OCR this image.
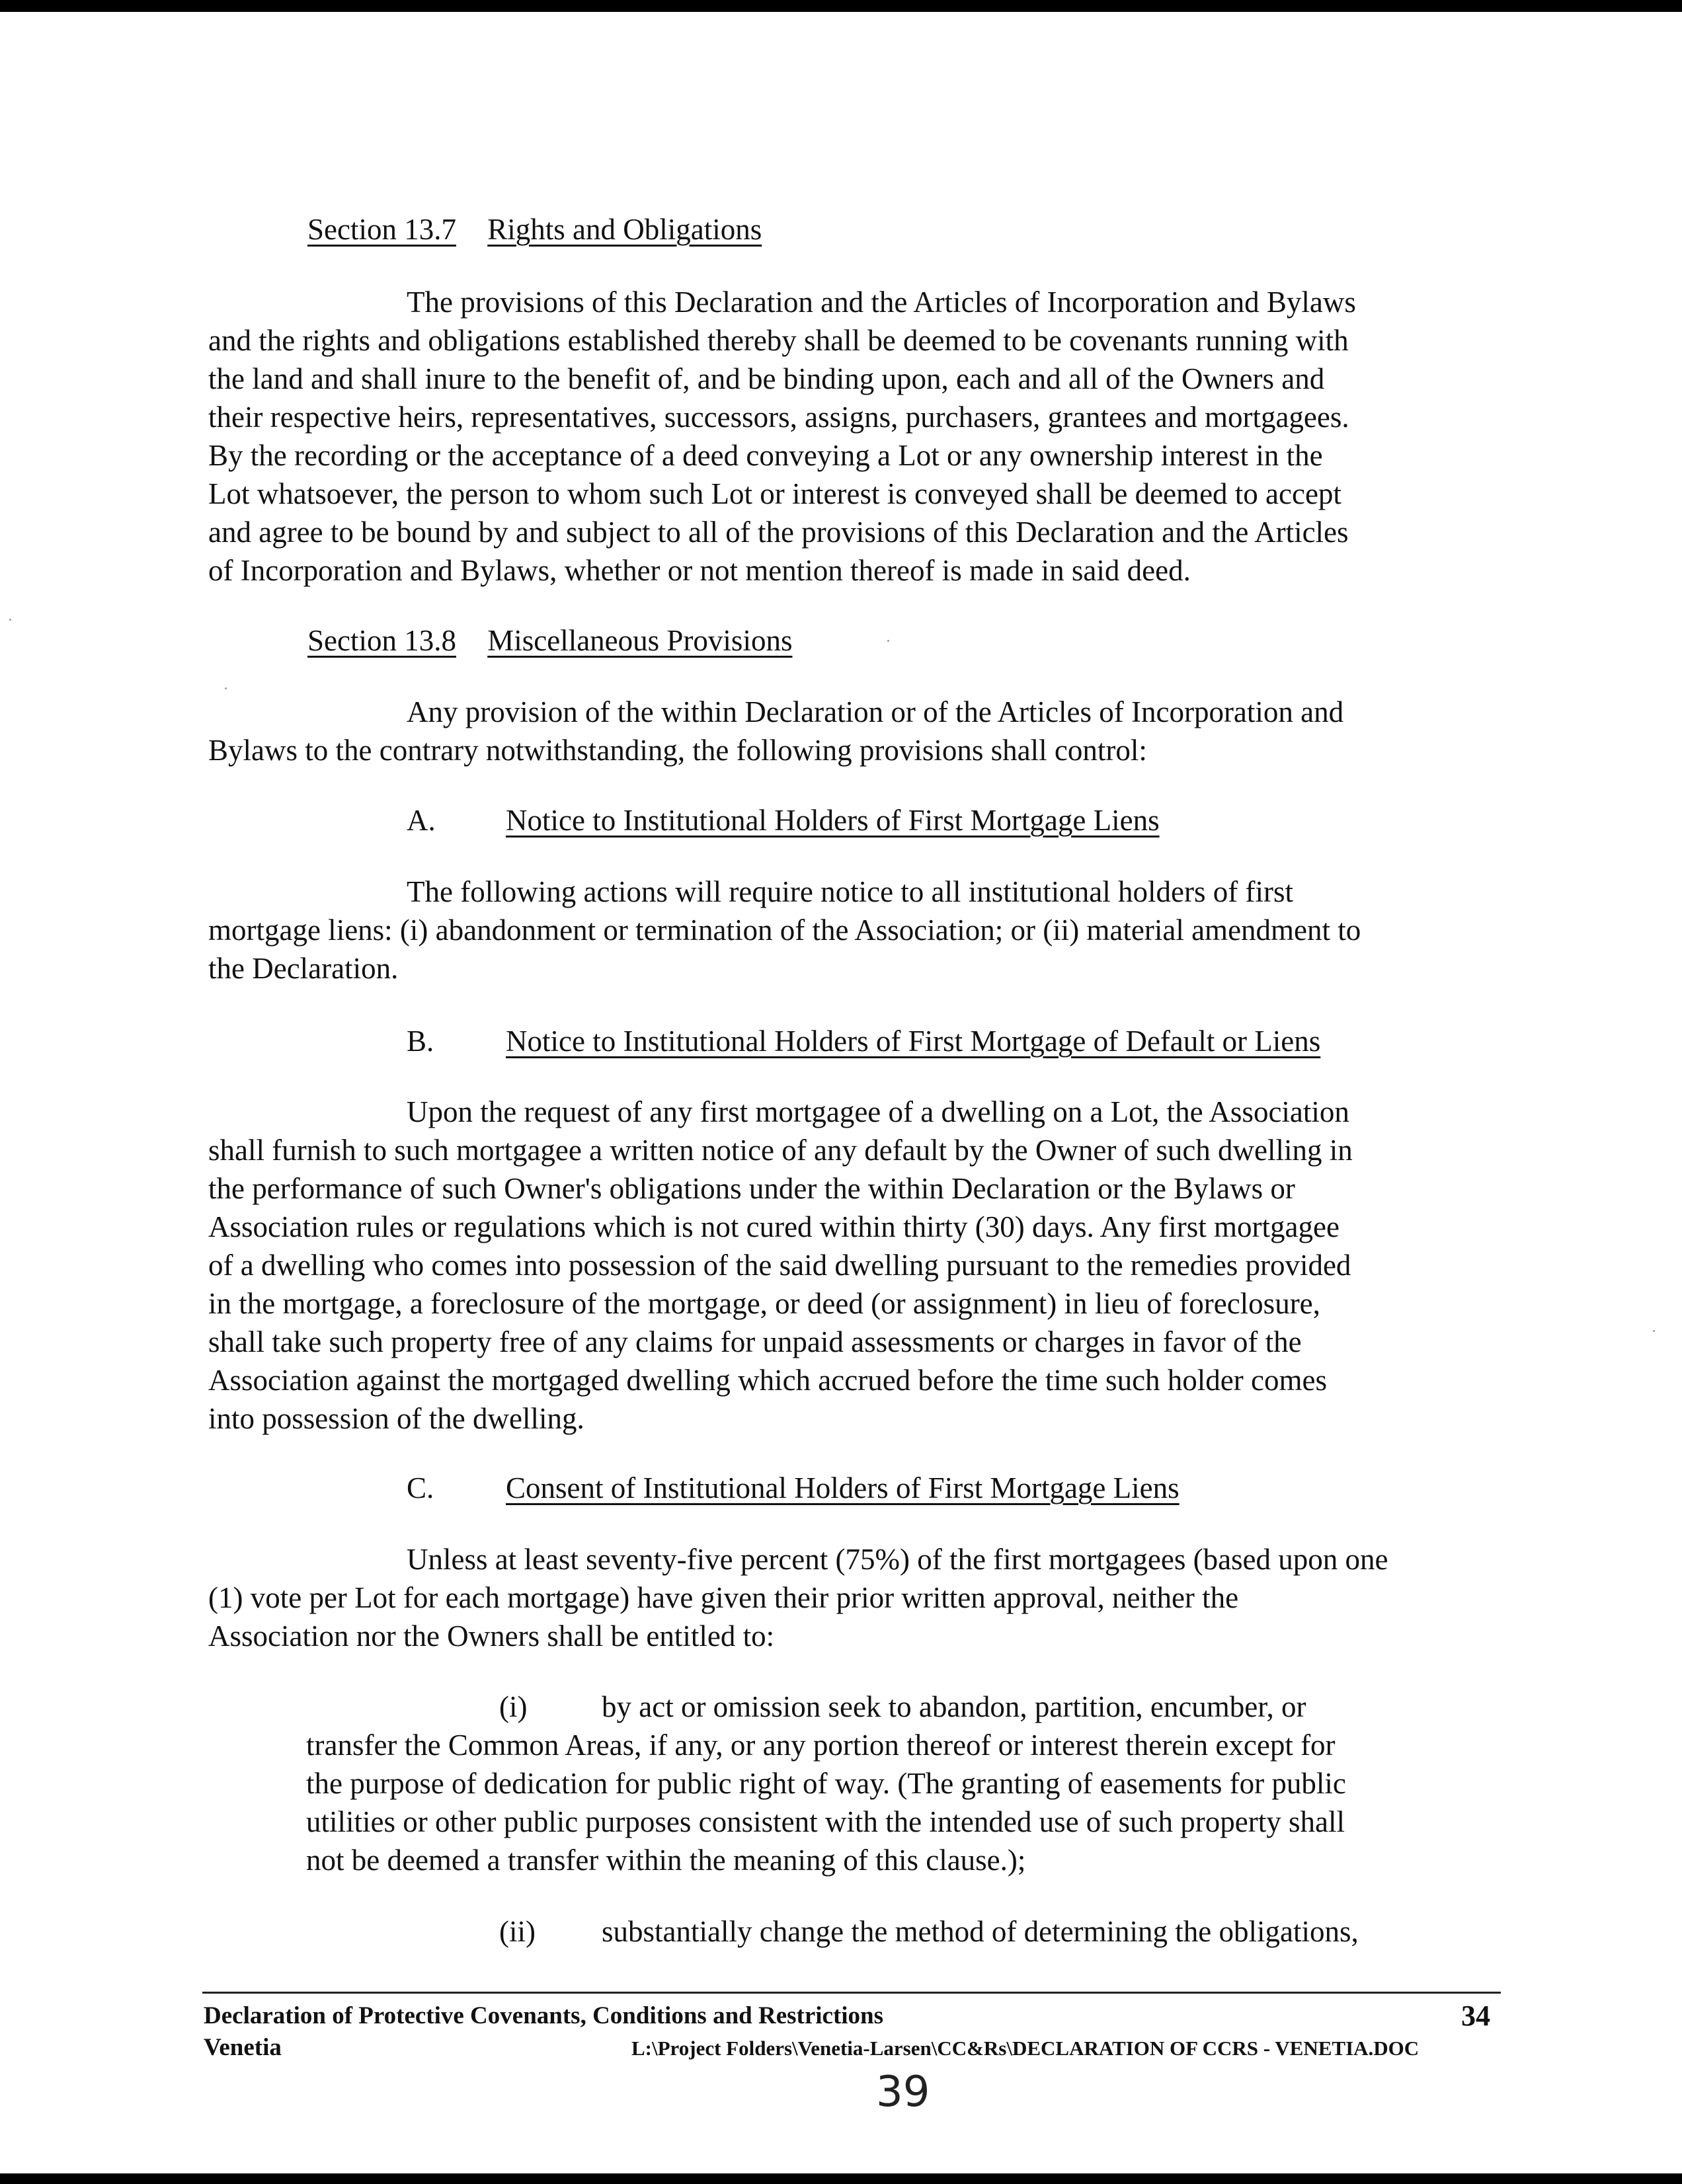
Section 13.7 Rights and Obligations
The provisions of this Declaration and the Articles of Incorporation and Bylaws
and the rights and obligations established thereby shall be deemed to be covenants running with
the land and shall inure to the benefit of, and be binding upon, each and all of the Owners and
their respective heirs, representatives, successors, assigns, purchasers, grantees and mortgagees.
By the recording or the acceptance of a deed conveying a Lot or any ownership interest in the
Lot whatsoever, the person to whom such Lot or interest is conveyed shall be deemed to accept
and agree to be bound by and subject to all of the provisions of this Declaration and the Articles
of Incorporation and Bylaws, whether or not mention thereof is made in said deed.
Section 13.8 Miscellaneous Provisions
Any provision of the within Declaration or of the Articles of Incorporation and
Bylaws to the contrary notwithstanding, the following provisions shall control:
A. Notice to Institutional Holders of First Mortgage Liens
The following actions will require notice to all institutional holders of first
mortgage liens: (i) abandonment or termination of the Association; or (ii) material amendment to
the Declaration.
B. Notice to Institutional Holders of First Mortgage of Default or Liens
Upon the request of any first mortgagee of a dwelling on a Lot, the Association
shall furnish to such mortgagee a written notice of any default by the Owner of such dwelling in
the performance of such Owner's obligations under the within Declaration or the Bylaws or
Association rules or regulations which is not cured within thirty (30) days. Any first mortgagee
of a dwelling who comes into possession of the said dwelling pursuant to the remedies provided
in the mortgage, a foreclosure of the mortgage, or deed (or assignment) in lieu of foreclosure,
shall take such property free of any claims for unpaid assessments or charges in favor of the
Association against the mortgaged dwelling which accrued before the time such holder comes
into possession of the dwelling.
C. Consent of Institutional Holders of First Mortgage Liens
Unless at least seventy-five percent (75%) of the first mortgagees (based upon one
(1) vote per Lot for each mortgage) have given their prior written approval, neither the
Association nor the Owners shall be entitled to:
(i)	by act or omission seek to abandon, partition, encumber, or
transfer the Common Areas, if any, or any portion thereof or interest therein except for
the purpose of dedication for public right of way. (The granting of easements for public
utilities or other public purposes consistent with the intended use of such property shall
not be deemed a transfer within the meaning of this clause.);
(ii) substantially change the method of determining the obligations,
Declaration of Protective Covenants, Conditions and Restrictions	34
Venetia	L:\Project Folders\Venetia-Larsen\CC&Rs\DECLARATION OF CCRS - VENETIA.DOC
39
